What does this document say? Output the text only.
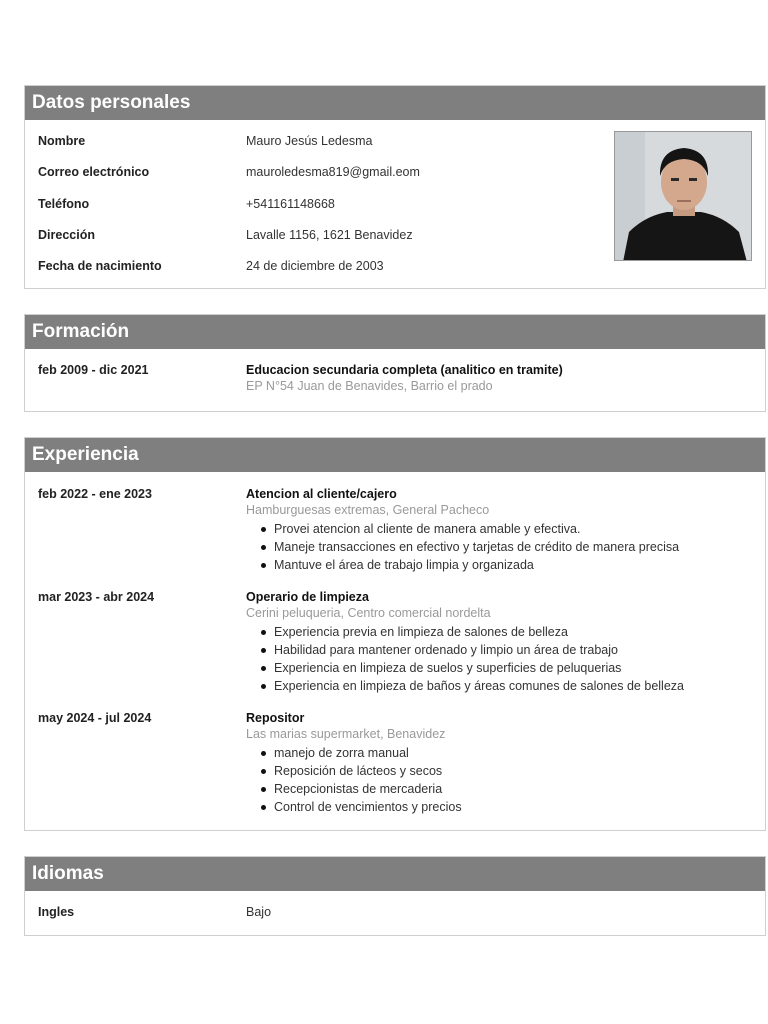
Datos personales
Nombre	Mauro Jesús Ledesma
Correo electrónico	mauroledesma819@gmail.eom
Teléfono	+541161148668
Dirección	Lavalle 1156, 1621 Benavidez
Fecha de nacimiento	24 de diciembre de 2003
Formación
feb 2009 - dic 2021	Educacion secundaria completa (analitico en tramite)
EP N°54 Juan de Benavides, Barrio el prado
Experiencia
feb 2022 - ene 2023	Atencion al cliente/cajero
Hamburguesas extremas, General Pacheco
Provei atencion al cliente de manera amable y efectiva.
Maneje transacciones en efectivo y tarjetas de crédito de manera precisa
Mantuve el área de trabajo limpia y organizada
mar 2023 - abr 2024	Operario de limpieza
Cerini peluqueria, Centro comercial nordelta
Experiencia previa en limpieza de salones de belleza
Habilidad para mantener ordenado y limpio un área de trabajo
Experiencia en limpieza de suelos y superficies de peluquerias
Experiencia en limpieza de baños y áreas comunes de salones de belleza
may 2024 - jul 2024	Repositor
Las marias supermarket, Benavidez
manejo de zorra manual
Reposición de lácteos y secos
Recepcionistas de mercaderia
Control de vencimientos y precios
Idiomas
Ingles	Bajo
